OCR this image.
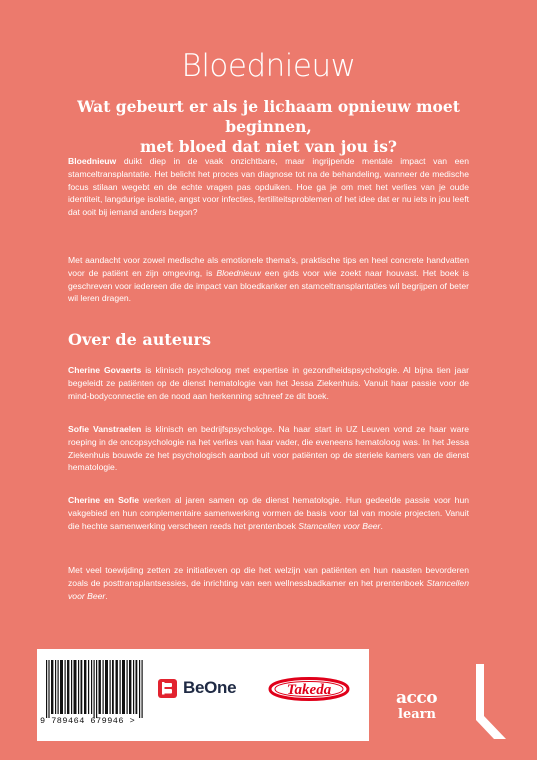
Bloednieuw

Wat gebeurt er als je lichaam opnieuw moet beginnen,
met bloed dat niet van jou is?

Bloednieuw duikt diep in de vaak onzichtbare, maar ingrijpende mentale impact van een stamceltransplantatie. Het belicht het proces van diagnose tot na de behandeling, wanneer de medische focus stilaan wegebt en de echte vragen pas opduiken. Hoe ga je om met het verlies van je oude identiteit, langdurige isolatie, angst voor infecties, fertiliteitsproblemen of het idee dat er nu iets in jou leeft dat ooit bij iemand anders begon?

Met aandacht voor zowel medische als emotionele thema's, praktische tips en heel concrete handvatten voor de patiënt en zijn omgeving, is Bloednieuw een gids voor wie zoekt naar houvast. Het boek is geschreven voor iedereen die de impact van bloedkanker en stamceltransplantaties wil begrijpen of beter wil leren dragen.

Over de auteurs

Cherine Govaerts is klinisch psycholoog met expertise in gezondheidspsychologie. Al bijna tien jaar begeleidt ze patiënten op de dienst hematologie van het Jessa Ziekenhuis. Vanuit haar passie voor de mind-bodyconnectie en de nood aan herkenning schreef ze dit boek.

Sofie Vanstraelen is klinisch en bedrijfspsychologe. Na haar start in UZ Leuven vond ze haar ware roeping in de oncopsychologie na het verlies van haar vader, die eveneens hematoloog was. In het Jessa Ziekenhuis bouwde ze het psychologisch aanbod uit voor patiënten op de steriele kamers van de dienst hematologie.

Cherine en Sofie werken al jaren samen op de dienst hematologie. Hun gedeelde passie voor hun vakgebied en hun complementaire samenwerking vormen de basis voor tal van mooie projecten. Vanuit die hechte samenwerking verscheen reeds het prentenboek Stamcellen voor Beer.

Met veel toewijding zetten ze initiatieven op die het welzijn van patiënten en hun naasten bevorderen zoals de posttransplantsessies, de inrichting van een wellnessbadkamer en het prentenboek Stamcellen voor Beer.

9 789464 679946 >
BeOne	Takeda	acco
learn
